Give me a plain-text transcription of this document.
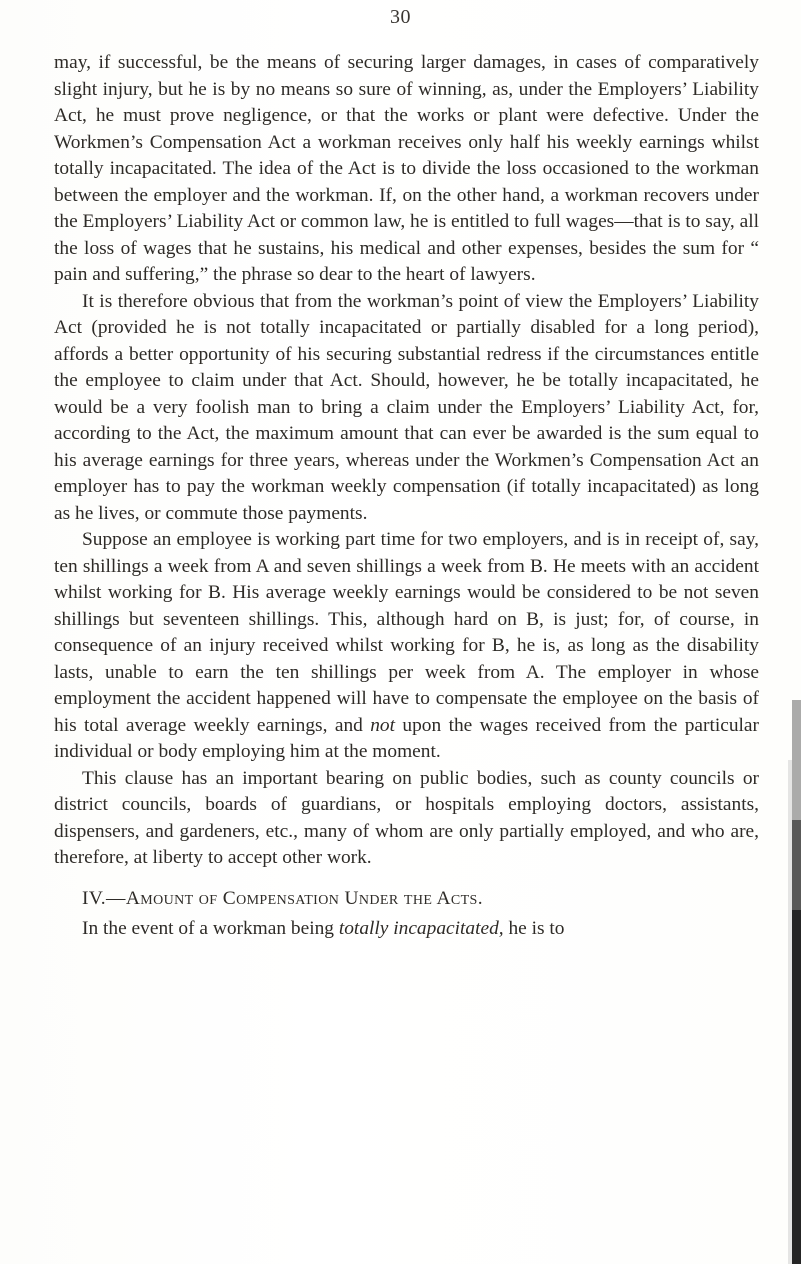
30

may, if successful, be the means of securing larger damages, in cases of comparatively slight injury, but he is by no means so sure of winning, as, under the Employers’ Liability Act, he must prove negligence, or that the works or plant were defective. Under the Workmen’s Compensation Act a workman receives only half his weekly earnings whilst totally incapacitated. The idea of the Act is to divide the loss occasioned to the workman between the employer and the workman. If, on the other hand, a workman recovers under the Employers’ Liability Act or common law, he is entitled to full wages—that is to say, all the loss of wages that he sustains, his medical and other expenses, besides the sum for “ pain and suffering,” the phrase so dear to the heart of lawyers.

It is therefore obvious that from the workman’s point of view the Employers’ Liability Act (provided he is not totally incapacitated or partially disabled for a long period), affords a better opportunity of his securing substantial redress if the circumstances entitle the employee to claim under that Act. Should, however, he be totally incapacitated, he would be a very foolish man to bring a claim under the Employers’ Liability Act, for, according to the Act, the maximum amount that can ever be awarded is the sum equal to his average earnings for three years, whereas under the Workmen’s Compensation Act an employer has to pay the workman weekly compensation (if totally incapacitated) as long as he lives, or commute those payments.

Suppose an employee is working part time for two employers, and is in receipt of, say, ten shillings a week from A and seven shillings a week from B. He meets with an accident whilst working for B. His average weekly earnings would be considered to be not seven shillings but seventeen shillings. This, although hard on B, is just; for, of course, in consequence of an injury received whilst working for B, he is, as long as the disability lasts, unable to earn the ten shillings per week from A. The employer in whose employment the accident happened will have to compensate the employee on the basis of his total average weekly earnings, and not upon the wages received from the particular individual or body employing him at the moment.

This clause has an important bearing on public bodies, such as county councils or district councils, boards of guardians, or hospitals employing doctors, assistants, dispensers, and gardeners, etc., many of whom are only partially employed, and who are, therefore, at liberty to accept other work.

IV.—Amount of Compensation Under the Acts.

In the event of a workman being totally incapacitated, he is to
